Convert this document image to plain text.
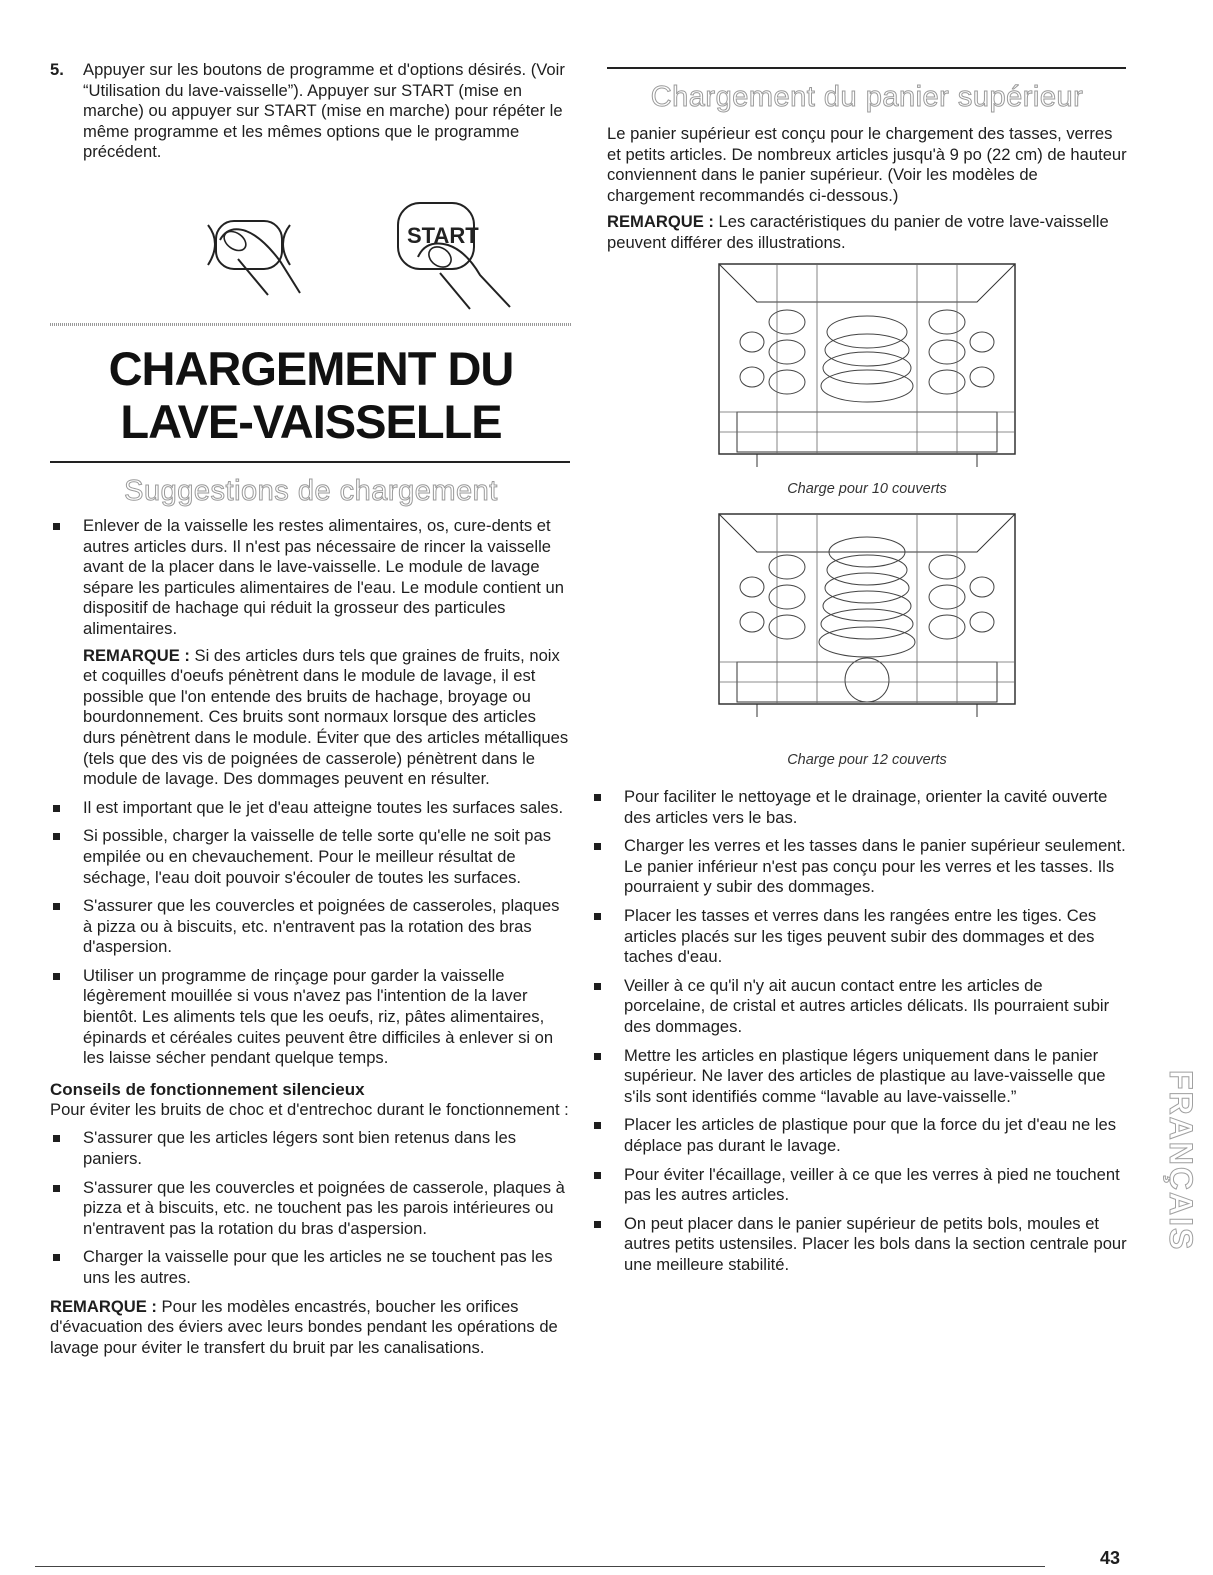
5. Appuyer sur les boutons de programme et d'options désirés. (Voir “Utilisation du lave-vaisselle”). Appuyer sur START (mise en marche) ou appuyer sur START (mise en marche) pour répéter le même programme et les mêmes options que le programme précédent.

START
CHARGEMENT DU
LAVE-VAISSELLE
Suggestions de chargement
Enlever de la vaisselle les restes alimentaires, os, cure-dents et autres articles durs. Il n'est pas nécessaire de rincer la vaisselle avant de la placer dans le lave-vaisselle. Le module de lavage sépare les particules alimentaires de l'eau. Le module contient un dispositif de hachage qui réduit la grosseur des particules alimentaires.

REMARQUE : Si des articles durs tels que graines de fruits, noix et coquilles d'oeufs pénètrent dans le module de lavage, il est possible que l'on entende des bruits de hachage, broyage ou bourdonnement. Ces bruits sont normaux lorsque des articles durs pénètrent dans le module. Éviter que des articles métalliques (tels que des vis de poignées de casserole) pénètrent dans le module de lavage. Des dommages peuvent en résulter.

Il est important que le jet d'eau atteigne toutes les surfaces sales.
Si possible, charger la vaisselle de telle sorte qu'elle ne soit pas empilée ou en chevauchement. Pour le meilleur résultat de séchage, l'eau doit pouvoir s'écouler de toutes les surfaces.
S'assurer que les couvercles et poignées de casseroles, plaques à pizza ou à biscuits, etc. n'entravent pas la rotation des bras d'aspersion.
Utiliser un programme de rinçage pour garder la vaisselle légèrement mouillée si vous n'avez pas l'intention de la laver bientôt. Les aliments tels que les oeufs, riz, pâtes alimentaires, épinards et céréales cuites peuvent être difficiles à enlever si on les laisse sécher pendant quelque temps.

Conseils de fonctionnement silencieux

Pour éviter les bruits de choc et d'entrechoc durant le fonctionnement :

S'assurer que les articles légers sont bien retenus dans les paniers.
S'assurer que les couvercles et poignées de casserole, plaques à pizza et à biscuits, etc. ne touchent pas les parois intérieures ou n'entravent pas la rotation du bras d'aspersion.
Charger la vaisselle pour que les articles ne se touchent pas les uns les autres.

REMARQUE : Pour les modèles encastrés, boucher les orifices d'évacuation des éviers avec leurs bondes pendant les opérations de lavage pour éviter le transfert du bruit par les canalisations.

Chargement du panier supérieur

Le panier supérieur est conçu pour le chargement des tasses, verres et petits articles. De nombreux articles jusqu'à 9 po (22 cm) de hauteur conviennent dans le panier supérieur. (Voir les modèles de chargement recommandés ci-dessous.)

REMARQUE : Les caractéristiques du panier de votre lave-vaisselle peuvent différer des illustrations.

Charge pour 10 couverts
Charge pour 12 couverts
Pour faciliter le nettoyage et le drainage, orienter la cavité ouverte des articles vers le bas.
Charger les verres et les tasses dans le panier supérieur seulement. Le panier inférieur n'est pas conçu pour les verres et les tasses. Ils pourraient y subir des dommages.
Placer les tasses et verres dans les rangées entre les tiges. Ces articles placés sur les tiges peuvent subir des dommages et des taches d'eau.
Veiller à ce qu'il n'y ait aucun contact entre les articles de porcelaine, de cristal et autres articles délicats. Ils pourraient subir des dommages.
Mettre les articles en plastique légers uniquement dans le panier supérieur. Ne laver des articles de plastique au lave-vaisselle que s'ils sont identifiés comme “lavable au lave-vaisselle.”
Placer les articles de plastique pour que la force du jet d'eau ne les déplace pas durant le lavage.
Pour éviter l'écaillage, veiller à ce que les verres à pied ne touchent pas les autres articles.
On peut placer dans le panier supérieur de petits bols, moules et autres petits ustensiles. Placer les bols dans la section centrale pour une meilleure stabilité.
FRANÇAIS
43
